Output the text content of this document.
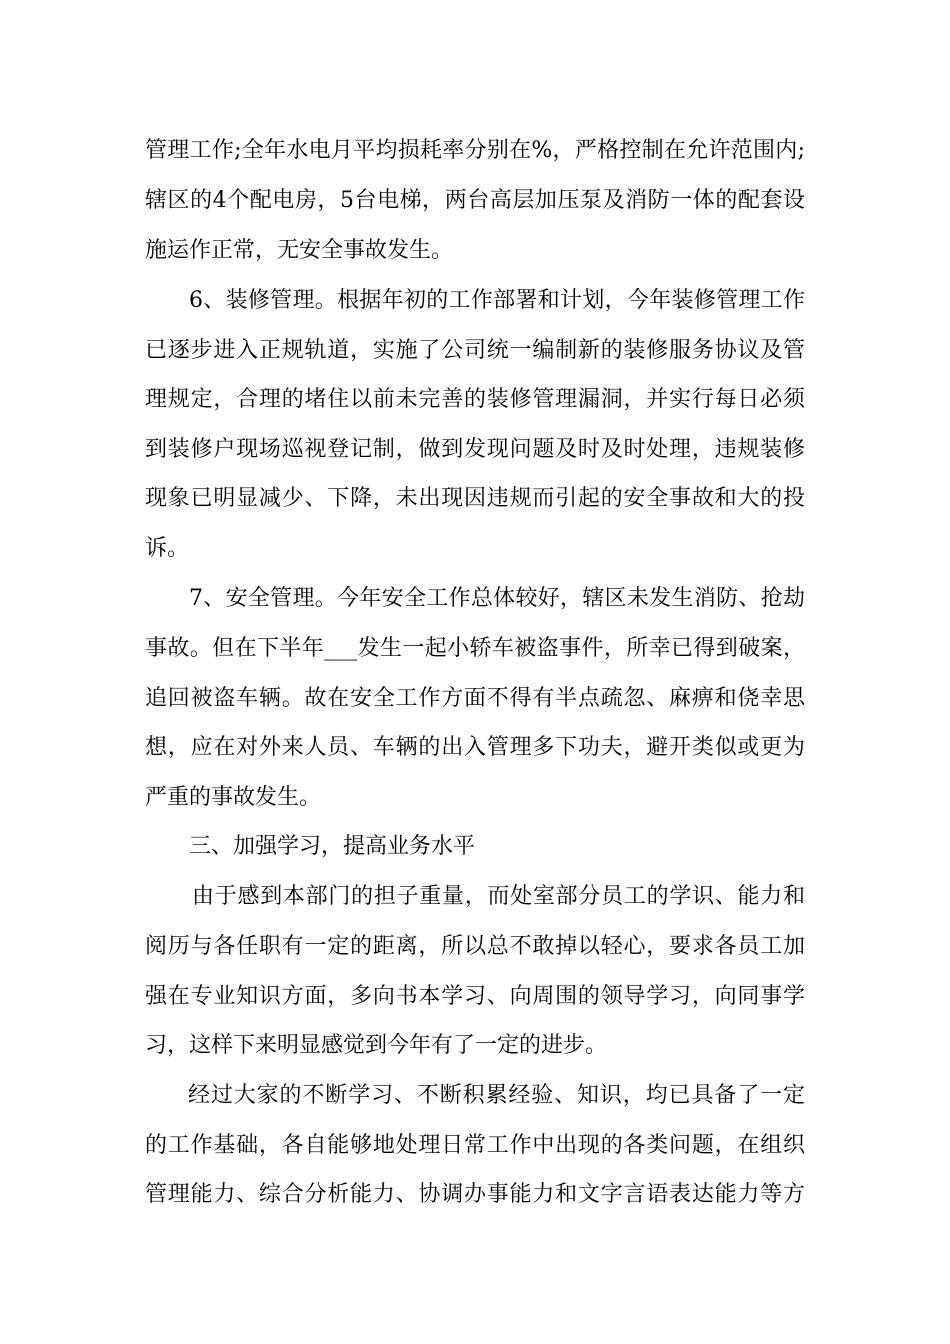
管理工作;全年水电月平均损耗率分别在%，严格控制在允许范围内;
辖区的4个配电房，5台电梯，两台高层加压泵及消防一体的配套设
施运作正常，无安全事故发生。
6、装修管理。根据年初的工作部署和计划，今年装修管理工作
已逐步进入正规轨道，实施了公司统一编制新的装修服务协议及管
理规定，合理的堵住以前未完善的装修管理漏洞，并实行每日必须
到装修户现场巡视登记制，做到发现问题及时及时处理，违规装修
现象已明显减少、下降，未出现因违规而引起的安全事故和大的投
诉。
7、安全管理。今年安全工作总体较好，辖区未发生消防、抢劫
事故。但在下半年___发生一起小轿车被盗事件，所幸已得到破案，
追回被盗车辆。故在安全工作方面不得有半点疏忽、麻痹和侥幸思
想，应在对外来人员、车辆的出入管理多下功夫，避开类似或更为
严重的事故发生。
三、加强学习，提高业务水平
由于感到本部门的担子重量，而处室部分员工的学识、能力和
阅历与各任职有一定的距离，所以总不敢掉以轻心，要求各员工加
强在专业知识方面，多向书本学习、向周围的领导学习，向同事学
习，这样下来明显感觉到今年有了一定的进步。
经过大家的不断学习、不断积累经验、知识，均已具备了一定
的工作基础，各自能够地处理日常工作中出现的各类问题，在组织
管理能力、综合分析能力、协调办事能力和文字言语表达能力等方
